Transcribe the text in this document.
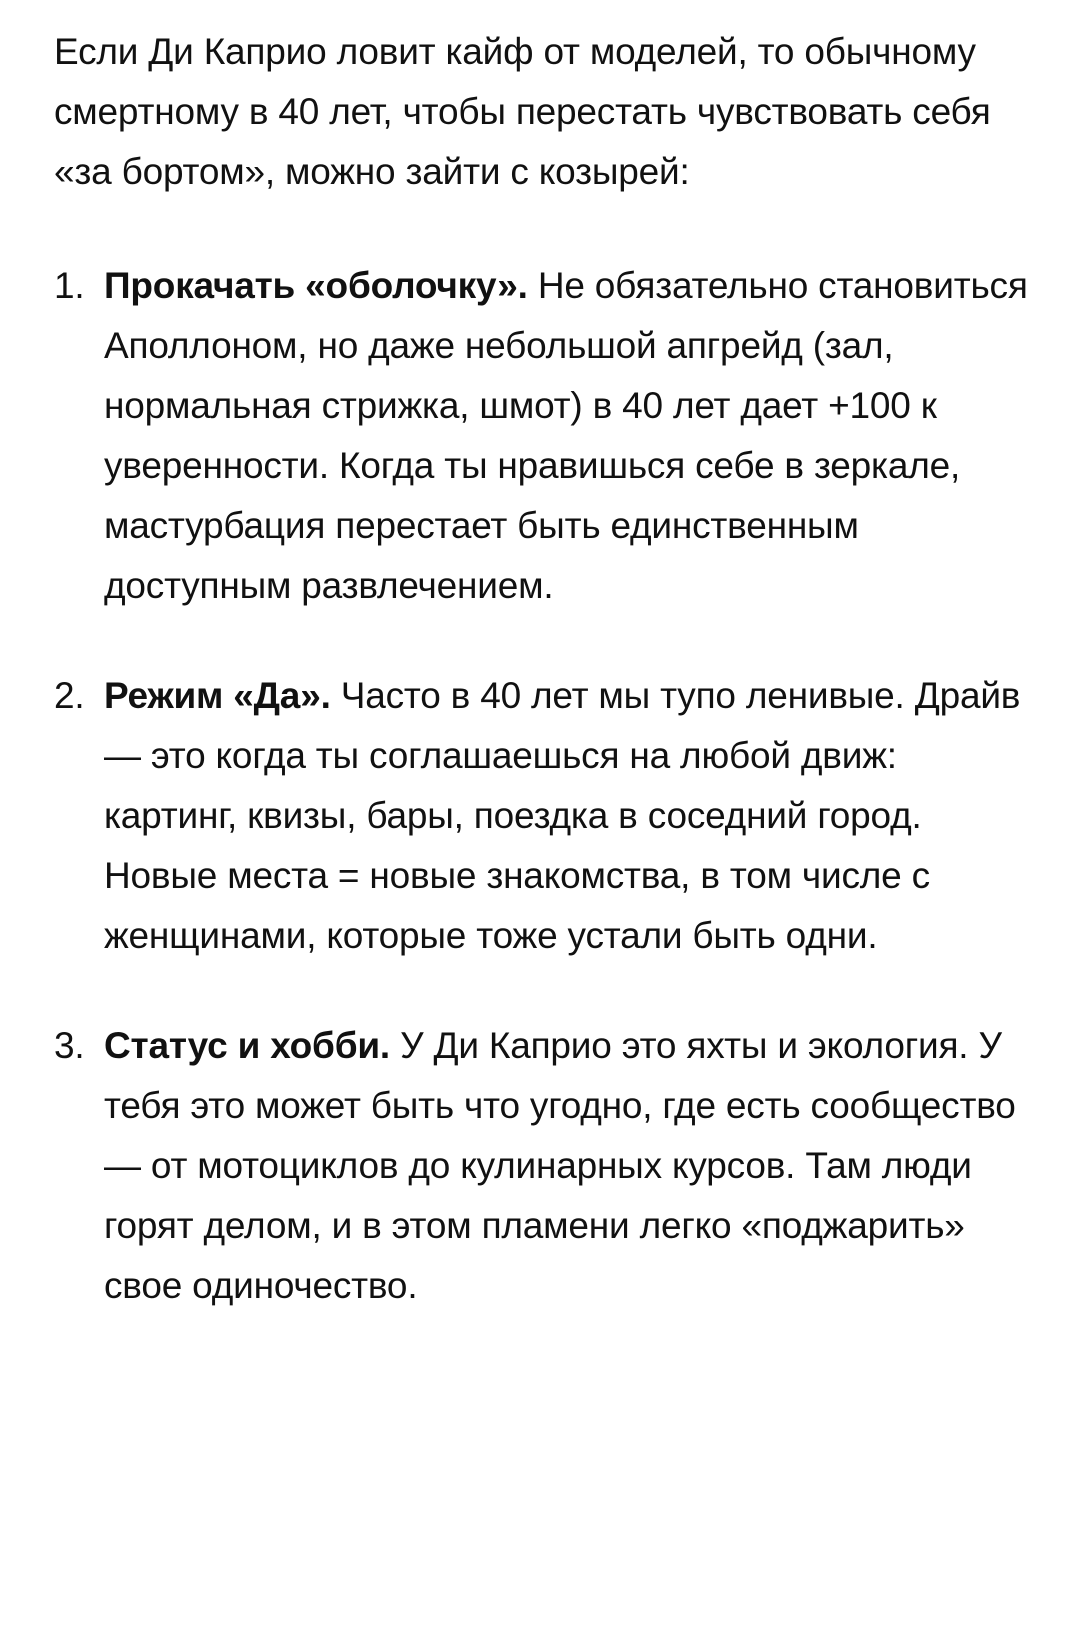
Если Ди Каприо ловит кайф от моделей, то обычному смертному в 40 лет, чтобы перестать чувствовать себя «за бортом», можно зайти с козырей:

1. Прокачать «оболочку». Не обязательно становиться Аполлоном, но даже небольшой апгрейд (зал, нормальная стрижка, шмот) в 40 лет дает +100 к уверенности. Когда ты нравишься себе в зеркале, мастурбация перестает быть единственным доступным развлечением.
2. Режим «Да». Часто в 40 лет мы тупо ленивые. Драйв — это когда ты соглашаешься на любой движ: картинг, квизы, бары, поездка в соседний город. Новые места = новые знакомства, в том числе с женщинами, которые тоже устали быть одни.
3. Статус и хобби. У Ди Каприо это яхты и экология. У тебя это может быть что угодно, где есть сообщество — от мотоциклов до кулинарных курсов. Там люди горят делом, и в этом пламени легко «поджарить» свое одиночество.
